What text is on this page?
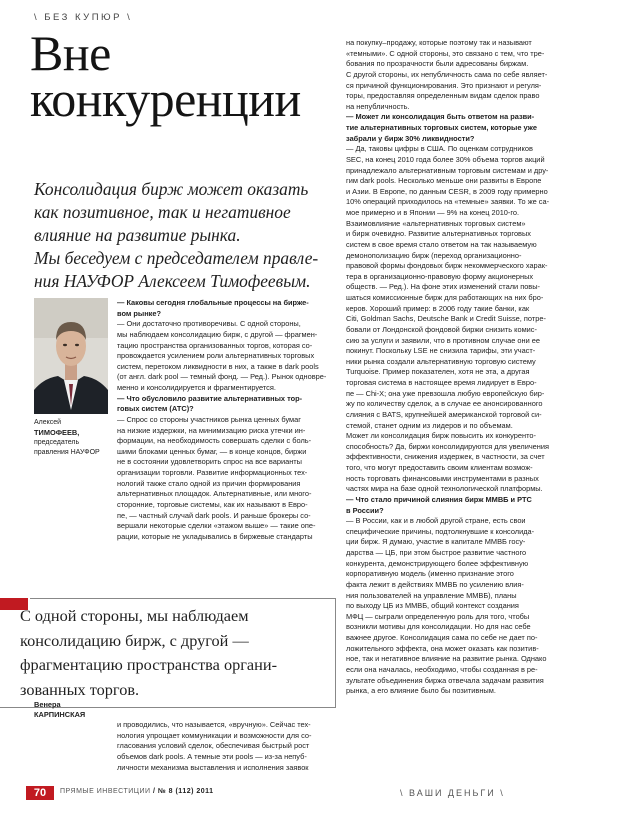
\ БЕЗ КУПЮР \
Вне
конкуренции
Консолидация бирж может оказать
как позитивное, так и негативное
влияние на развитие рынка.
Мы беседуем с председателем правле-
ния НАУФОР Алексеем Тимофеевым.
Алексей
ТИМОФЕЕВ,
председатель
правления НАУФОР
— Каковы сегодня глобальные процессы на бирже-
вом рынке?
— Они достаточно противоречивы. С одной стороны,
мы наблюдаем консолидацию бирж, с другой — фрагмен-
тацию пространства организованных торгов, которая со-
провождается усилением роли альтернативных торговых
систем, перетоком ликвидности в них, а также в dark pools
(от англ. dark pool — темный фонд. — Ред.). Рынок одновре-
менно и консолидируется и фрагментируется.
— Что обусловило развитие альтернативных тор-
говых систем (АТС)?
— Спрос со стороны участников рынка ценных бумаг
на низкие издержки, на минимизацию риска утечки ин-
формации, на необходимость совершать сделки с боль-
шими блоками ценных бумаг, — в конце концов, биржи
не в состоянии удовлетворить спрос на все варианты
организации торговли. Развитие информационных тех-
нологий также стало одной из причин формирования
альтернативных площадок. Альтернативные, или много-
сторонние, торговые системы, как их называют в Евро-
пе, — частный случай dark pools. И раньше брокеры со-
вершали некоторые сделки «этажом выше» — такие опе-
рации, которые не укладывались в биржевые стандарты
С одной стороны, мы наблюдаем
консолидацию бирж, с другой —
фрагментацию пространства органи-
зованных торгов.
Венера
КАРПИНСКАЯ
и проводились, что называется, «вручную». Сейчас тех-
нология упрощает коммуникации и возможности для со-
гласования условий сделок, обеспечивая быстрый рост
объемов dark pools. А темные эти pools — из-за непуб-
личности механизма выставления и исполнения заявок
на покупку–продажу, которые поэтому так и называют
«темными». С одной стороны, это связано с тем, что тре-
бования по прозрачности были адресованы биржам.
С другой стороны, их непубличность сама по себе являет-
ся причиной функционирования. Это признают и регуля-
торы, предоставляя определенным видам сделок право
на непубличность.
— Может ли консолидация быть ответом на разви-
тие альтернативных торговых систем, которые уже
забрали у бирж 30% ликвидности?
— Да, таковы цифры в США. По оценкам сотрудников
SEC, на конец 2010 года более 30% объема торгов акций
принадлежало альтернативным торговым системам и дру-
гим dark pools. Несколько меньше они развиты в Европе
и Азии. В Европе, по данным CESR, в 2009 году примерно
10% операций приходилось на «темные» заявки. То же са-
мое примерно и в Японии — 9% на конец 2010-го.
Взаимовлияние «альтернативных торговых систем»
и бирж очевидно. Развитие альтернативных торговых
систем в свое время стало ответом на так называемую
демонополизацию бирж (переход организационно-
правовой формы фондовых бирж некоммерческого харак-
тера в организационно-правовую форму акционерных
обществ. — Ред.). На фоне этих изменений стали повы-
шаться комиссионные бирж для работающих на них бро-
керов. Хороший пример: в 2006 году такие банки, как
Citi, Goldman Sachs, Deutsche Bank и Credit Suisse, потре-
бовали от Лондонской фондовой биржи снизить комис-
сию за услуги и заявили, что в противном случае они ее
покинут. Поскольку LSE не снизила тарифы, эти участ-
ники рынка создали альтернативную торговую систему
Turquoise. Пример показателен, хотя не эта, а другая
торговая система в настоящее время лидирует в Евро-
пе — Chi-X; она уже превзошла любую европейскую бир-
жу по количеству сделок, а в случае ее анонсированного
слияния с BATS, крупнейшей американской торговой си-
стемой, станет одним из лидеров и по объемам.
Может ли консолидация бирж повысить их конкуренто-
способность? Да, биржи консолидируются для увеличения
эффективности, снижения издержек, в частности, за счет
того, что могут предоставить своим клиентам возмож-
ность торговать финансовыми инструментами в разных
частях мира на базе одной технологической платформы.
— Что стало причиной слияния бирж ММВБ и РТС
в России?
— В России, как и в любой другой стране, есть свои
специфические причины, подтолкнувшие к консолида-
ции бирж. Я думаю, участие в капитале ММВБ госу-
дарства — ЦБ, при этом быстрое развитие частного
конкурента, демонстрирующего более эффективную
корпоративную модель (именно признание этого
факта лежит в действиях ММВБ по усилению влия-
ния пользователей на управление ММВБ), планы
по выходу ЦБ из ММВБ, общий контекст создания
МФЦ — сыграли определенную роль для того, чтобы
возникли мотивы для консолидации. Но для нас себе
важнее другое. Консолидация сама по себе не дает по-
ложительного эффекта, она может оказать как позитив-
ное, так и негативное влияние на развитие рынка. Однако
если она началась, необходимо, чтобы созданная в ре-
зультате объединения биржа отвечала задачам развития
рынка, а его влияние было бы позитивным.
70	ПРЯМЫЕ ИНВЕСТИЦИИ / № 8 (112) 2011	\ ВАШИ ДЕНЬГИ \
